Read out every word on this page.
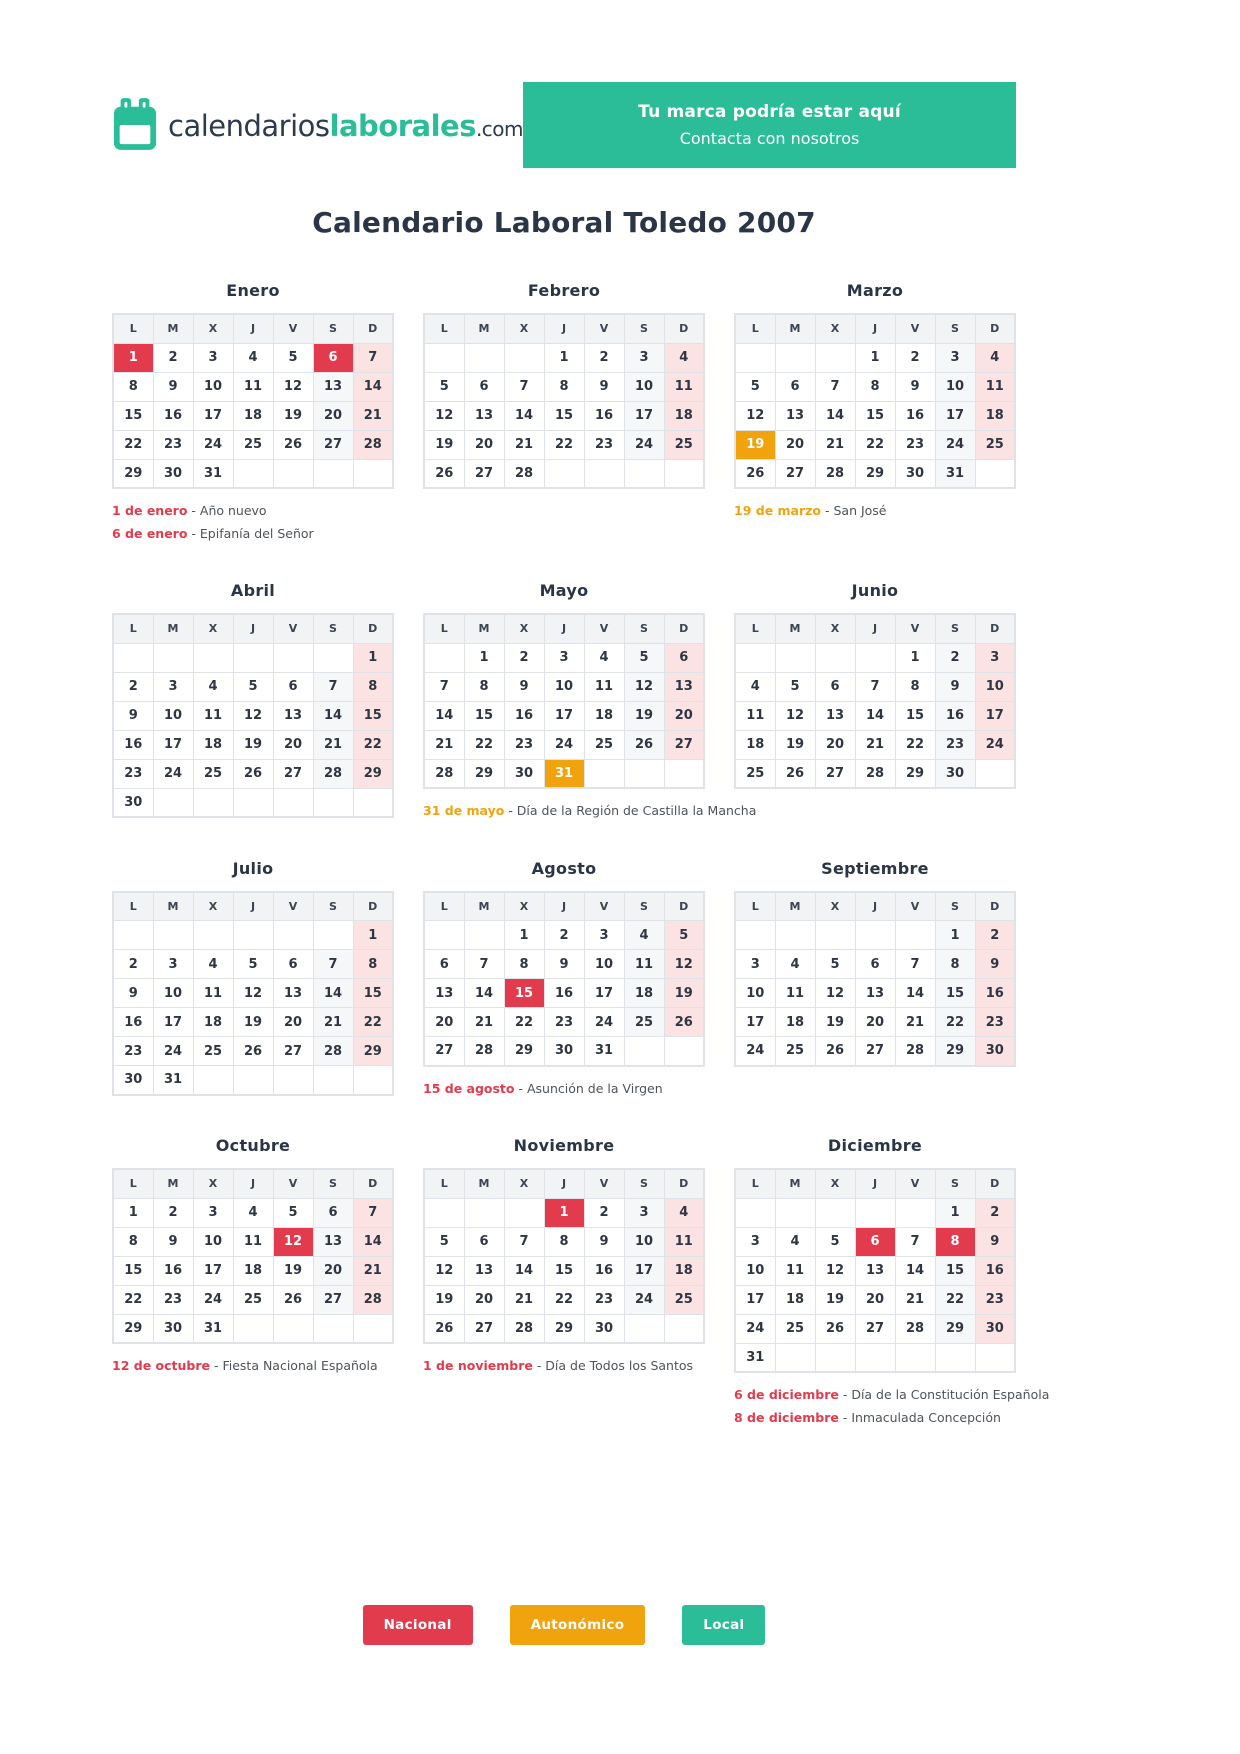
calendarioslaborales.com
Tu marca podría estar aquí
Contacta con nosotros
Calendario Laboral Toledo 2007
Enero
L	M	X	J	V	S	D
1	2	3	4	5	6	7
8	9	10	11	12	13	14
15	16	17	18	19	20	21
22	23	24	25	26	27	28
29	30	31				
1 de enero - Año nuevo
6 de enero - Epifanía del Señor
Febrero
L	M	X	J	V	S	D
			1	2	3	4
5	6	7	8	9	10	11
12	13	14	15	16	17	18
19	20	21	22	23	24	25
26	27	28				
Marzo
L	M	X	J	V	S	D
			1	2	3	4
5	6	7	8	9	10	11
12	13	14	15	16	17	18
19	20	21	22	23	24	25
26	27	28	29	30	31	
19 de marzo - San José
Abril
L	M	X	J	V	S	D
						1
2	3	4	5	6	7	8
9	10	11	12	13	14	15
16	17	18	19	20	21	22
23	24	25	26	27	28	29
30						
Mayo
L	M	X	J	V	S	D
	1	2	3	4	5	6
7	8	9	10	11	12	13
14	15	16	17	18	19	20
21	22	23	24	25	26	27
28	29	30	31			
31 de mayo - Día de la Región de Castilla la Mancha
Junio
L	M	X	J	V	S	D
				1	2	3
4	5	6	7	8	9	10
11	12	13	14	15	16	17
18	19	20	21	22	23	24
25	26	27	28	29	30	
Julio
L	M	X	J	V	S	D
						1
2	3	4	5	6	7	8
9	10	11	12	13	14	15
16	17	18	19	20	21	22
23	24	25	26	27	28	29
30	31					
Agosto
L	M	X	J	V	S	D
		1	2	3	4	5
6	7	8	9	10	11	12
13	14	15	16	17	18	19
20	21	22	23	24	25	26
27	28	29	30	31		
15 de agosto - Asunción de la Virgen
Septiembre
L	M	X	J	V	S	D
					1	2
3	4	5	6	7	8	9
10	11	12	13	14	15	16
17	18	19	20	21	22	23
24	25	26	27	28	29	30
Octubre
L	M	X	J	V	S	D
1	2	3	4	5	6	7
8	9	10	11	12	13	14
15	16	17	18	19	20	21
22	23	24	25	26	27	28
29	30	31				
12 de octubre - Fiesta Nacional Española
Noviembre
L	M	X	J	V	S	D
			1	2	3	4
5	6	7	8	9	10	11
12	13	14	15	16	17	18
19	20	21	22	23	24	25
26	27	28	29	30		
1 de noviembre - Día de Todos los Santos
Diciembre
L	M	X	J	V	S	D
					1	2
3	4	5	6	7	8	9
10	11	12	13	14	15	16
17	18	19	20	21	22	23
24	25	26	27	28	29	30
31						
6 de diciembre - Día de la Constitución Española
8 de diciembre - Inmaculada Concepción
Nacional	Autonómico	Local
